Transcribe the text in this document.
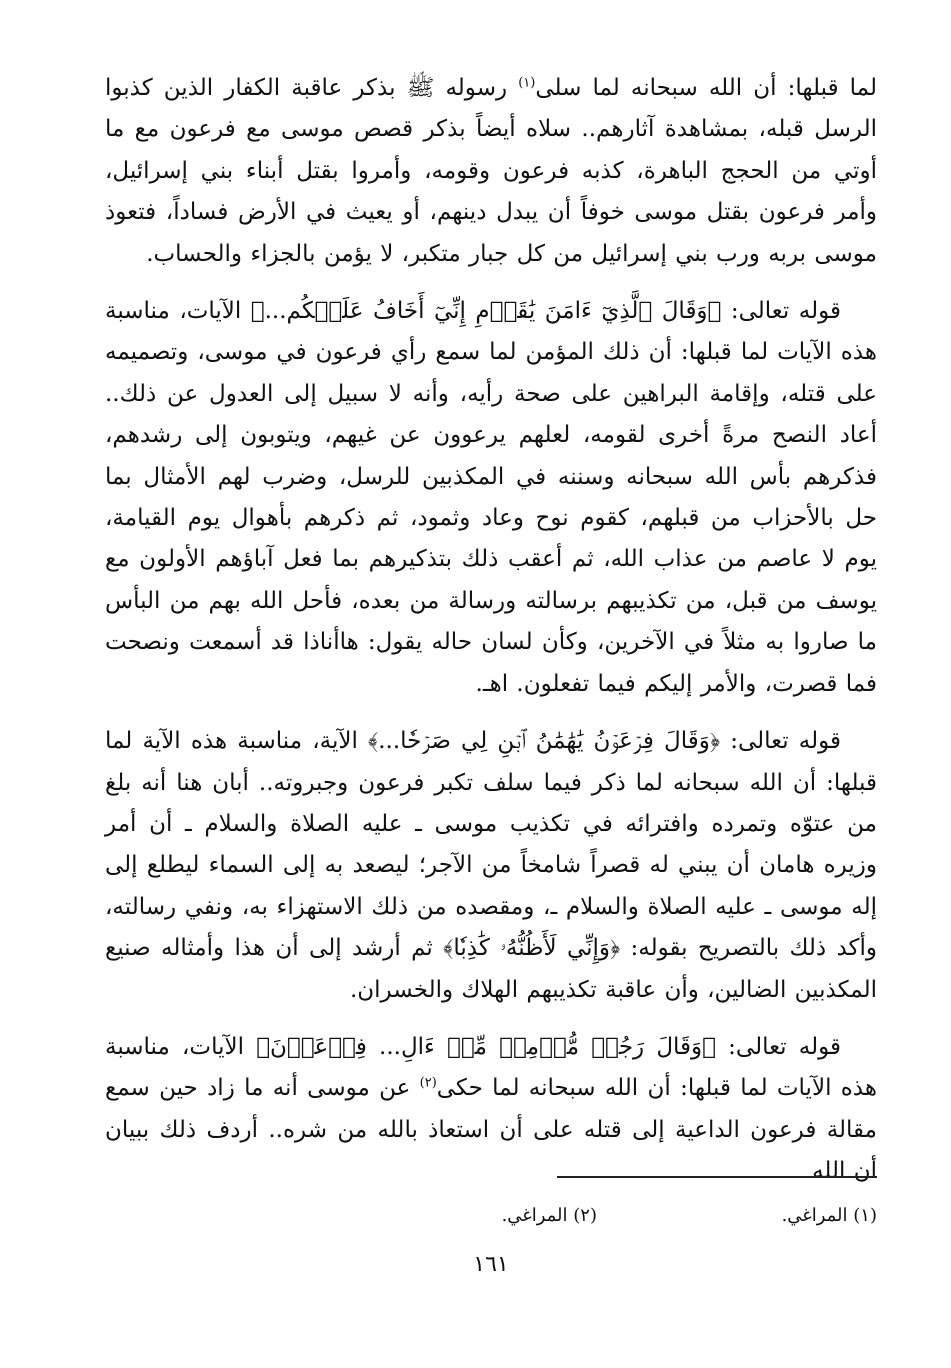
لما قبلها: أن الله سبحانه لما سلى$^{(١)}$ رسوله ﷺ بذكر عاقبة الكفار الذين كذبوا الرسل قبله، بمشاهدة آثارهم.. سلاه أيضاً بذكر قصص موسى مع فرعون مع ما أوتي من الحجج الباهرة، كذبه فرعون وقومه، وأمروا بقتل أبناء بني إسرائيل، وأمر فرعون بقتل موسى خوفاً أن يبدل دينهم، أو يعيث في الأرض فساداً، فتعوذ موسى بربه ورب بني إسرائيل من كل جبار متكبر، لا يؤمن بالجزاء والحساب.

قوله تعالى: ﴿وَقَالَ ٱلَّذِيٓ ءَامَنَ يَٰقَوۡمِ إِنِّيٓ أَخَافُ عَلَيۡكُم...﴾ الآيات، مناسبة هذه الآيات لما قبلها: أن ذلك المؤمن لما سمع رأي فرعون في موسى، وتصميمه على قتله، وإقامة البراهين على صحة رأيه، وأنه لا سبيل إلى العدول عن ذلك.. أعاد النصح مرةً أخرى لقومه، لعلهم يرعوون عن غيهم، ويتوبون إلى رشدهم، فذكرهم بأس الله سبحانه وسننه في المكذبين للرسل، وضرب لهم الأمثال بما حل بالأحزاب من قبلهم، كقوم نوح وعاد وثمود، ثم ذكرهم بأهوال يوم القيامة، يوم لا عاصم من عذاب الله، ثم أعقب ذلك بتذكيرهم بما فعل آباؤهم الأولون مع يوسف من قبل، من تكذيبهم برسالته ورسالة من بعده، فأحل الله بهم من البأس ما صاروا به مثلاً في الآخرين، وكأن لسان حاله يقول: هاأناذا قد أسمعت ونصحت فما قصرت، والأمر إليكم فيما تفعلون. اهـ.

قوله تعالى: ﴿وَقَالَ فِرۡعَوۡنُ يَٰهَٰمَٰنُ ٱبۡنِ لِي صَرۡحٗا...﴾ الآية، مناسبة هذه الآية لما قبلها: أن الله سبحانه لما ذكر فيما سلف تكبر فرعون وجبروته.. أبان هنا أنه بلغ من عتوّه وتمرده وافترائه في تكذيب موسى ـ عليه الصلاة والسلام ـ أن أمر وزيره هامان أن يبني له قصراً شامخاً من الآجر؛ ليصعد به إلى السماء ليطلع إلى إله موسى ـ عليه الصلاة والسلام ـ، ومقصده من ذلك الاستهزاء به، ونفي رسالته، وأكد ذلك بالتصريح بقوله: ﴿وَإِنِّي لَأَظُنُّهُۥ كَٰذِبٗا﴾ ثم أرشد إلى أن هذا وأمثاله صنيع المكذبين الضالين، وأن عاقبة تكذيبهم الهلاك والخسران.

قوله تعالى: ﴿وَقَالَ رَجُلٞ مُّؤۡمِنٞ مِّنۡ ءَالِ... فِرۡعَوۡنَ﴾ الآيات، مناسبة هذه الآيات لما قبلها: أن الله سبحانه لما حكى$^{(٢)}$ عن موسى أنه ما زاد حين سمع مقالة فرعون الداعية إلى قتله على أن استعاذ بالله من شره.. أردف ذلك ببيان أن الله

(١) المراغي.
(٢) المراغي.
١٦١
